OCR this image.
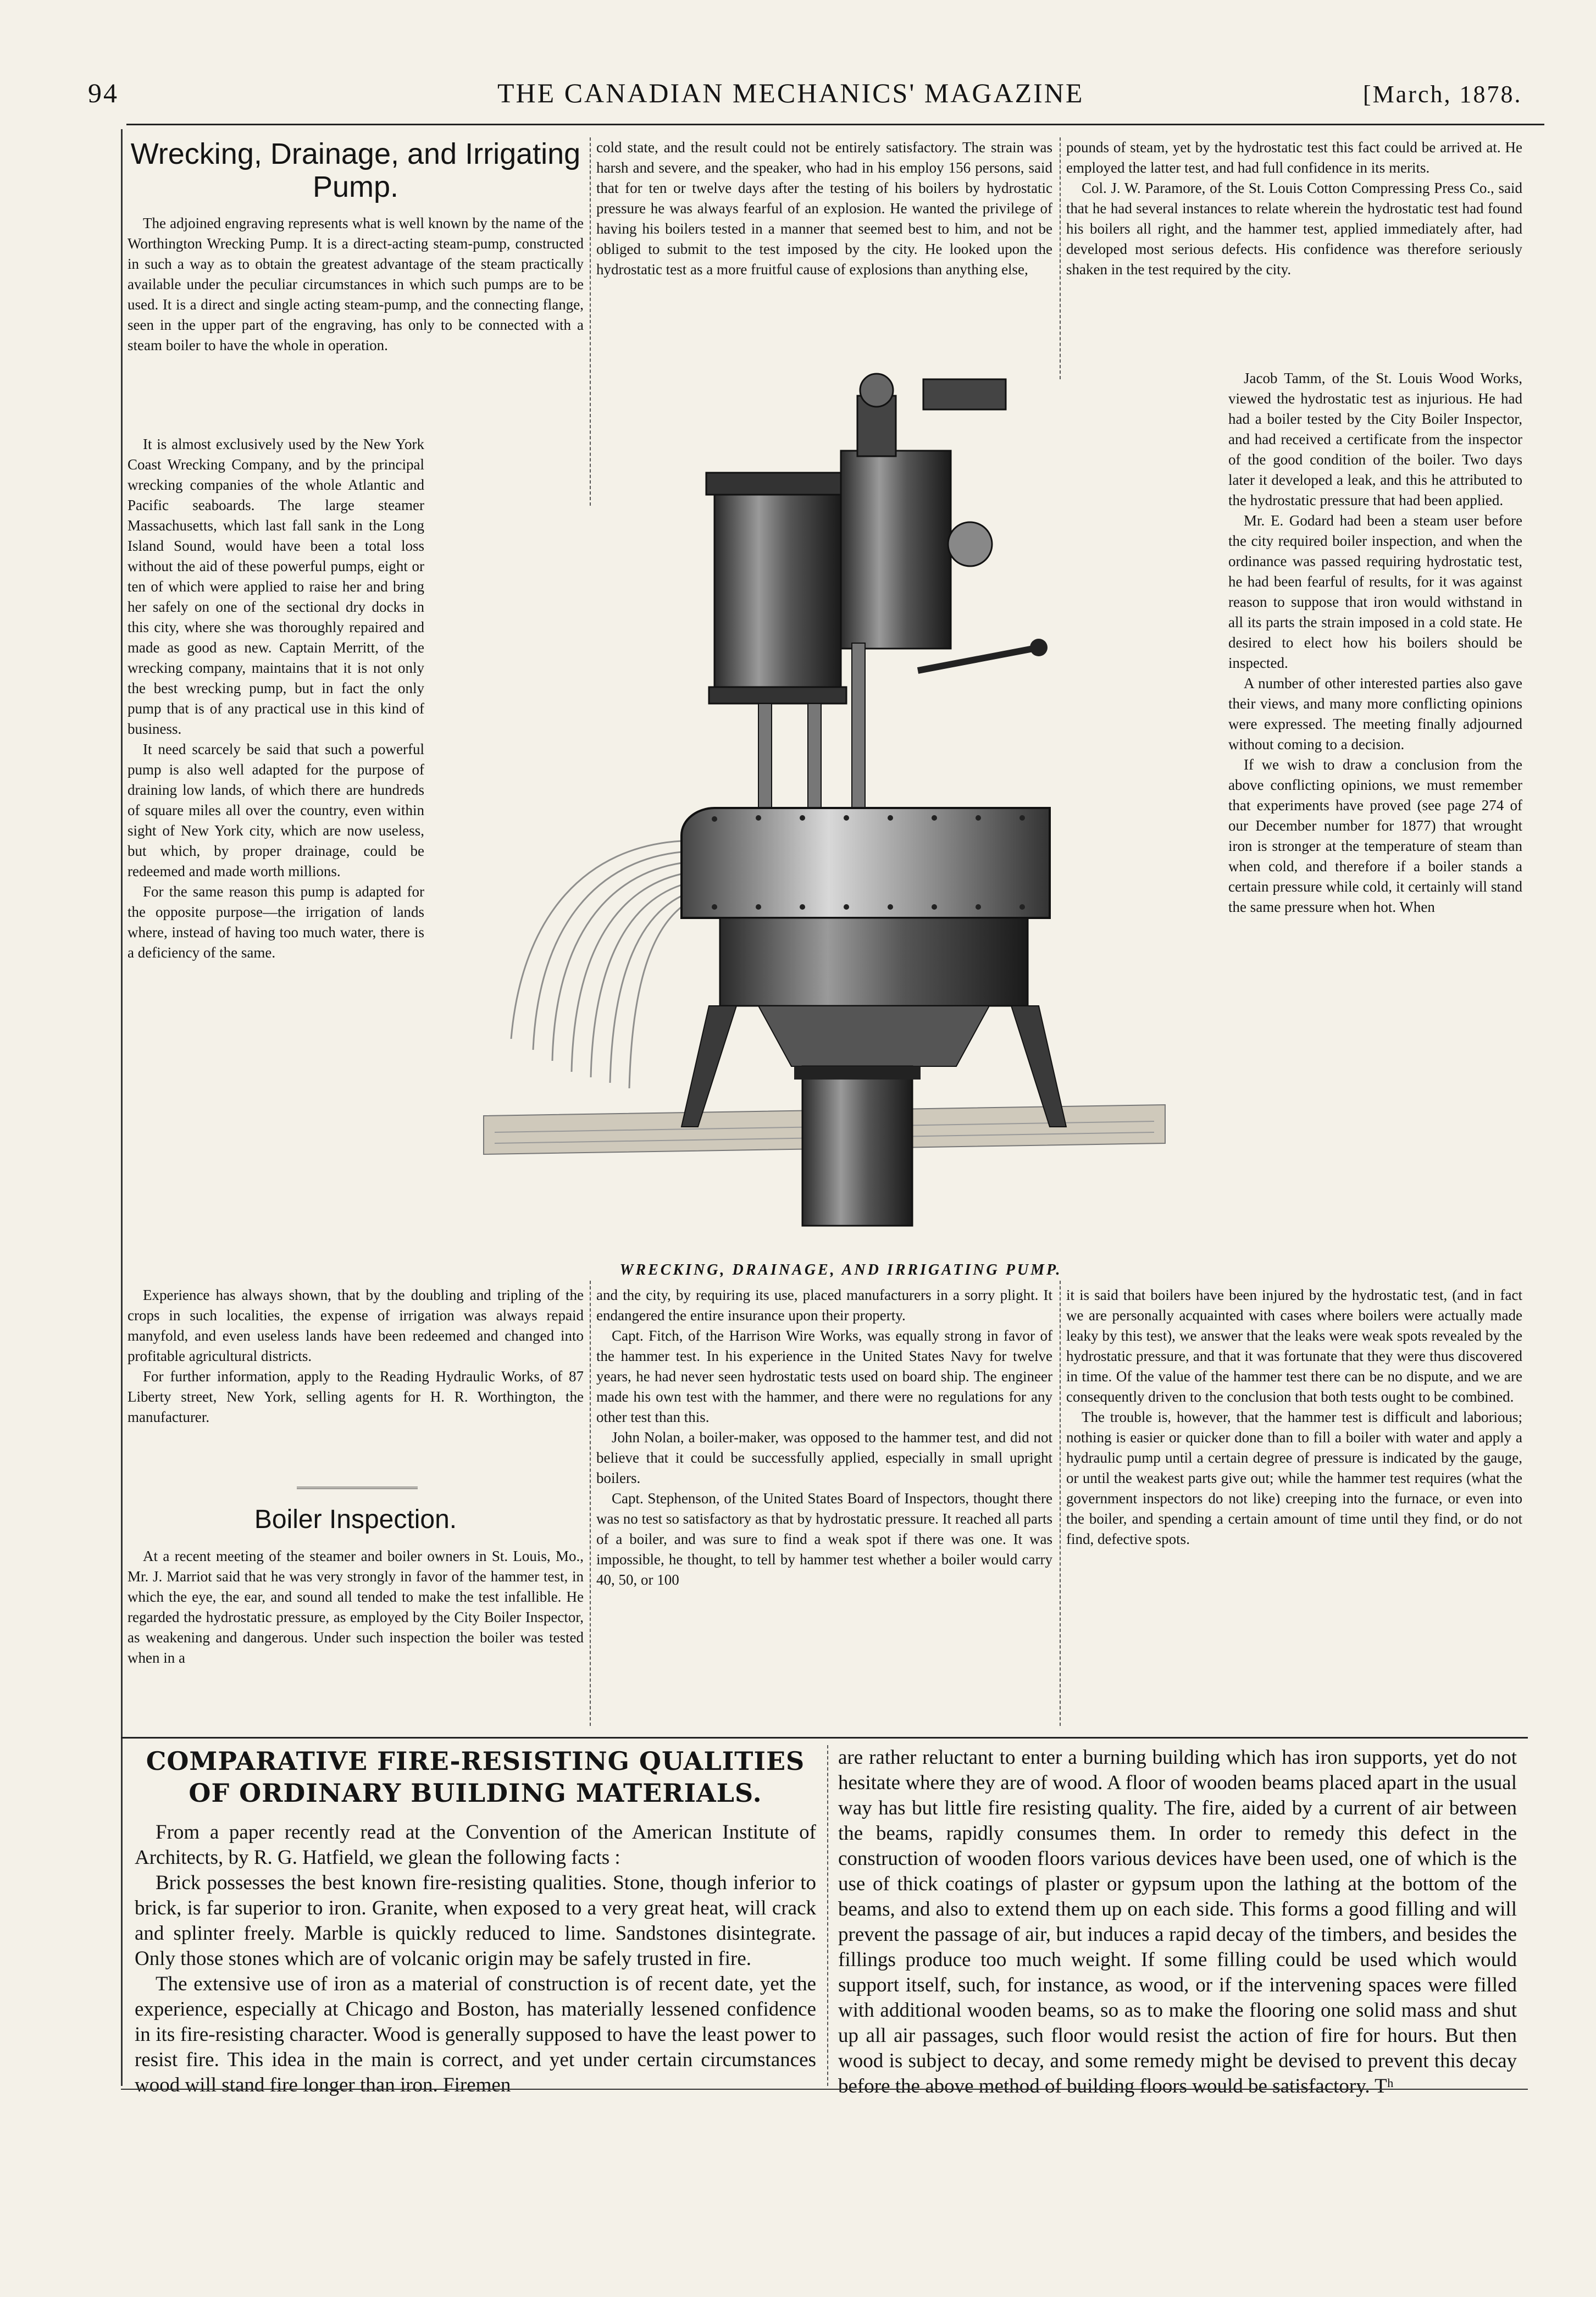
94	THE CANADIAN MECHANICS' MAGAZINE	[March, 1878.
Wrecking, Drainage, and Irrigating Pump.

The adjoined engraving represents what is well known by the name of the Worthington Wrecking Pump. It is a direct-acting steam-pump, constructed in such a way as to obtain the greatest advantage of the steam practically available under the peculiar circumstances in which such pumps are to be used. It is a direct and single acting steam-pump, and the connecting flange, seen in the upper part of the engraving, has only to be connected with a steam boiler to have the whole in operation.

It is almost exclusively used by the New York Coast Wrecking Company, and by the principal wrecking companies of the whole Atlantic and Pacific seaboards. The large steamer Massachusetts, which last fall sank in the Long Island Sound, would have been a total loss without the aid of these powerful pumps, eight or ten of which were applied to raise her and bring her safely on one of the sectional dry docks in this city, where she was thoroughly repaired and made as good as new. Captain Merritt, of the wrecking company, maintains that it is not only the best wrecking pump, but in fact the only pump that is of any practical use in this kind of business.

It need scarcely be said that such a powerful pump is also well adapted for the purpose of draining low lands, of which there are hundreds of square miles all over the country, even within sight of New York city, which are now useless, but which, by proper drainage, could be redeemed and made worth millions.

For the same reason this pump is adapted for the opposite purpose—the irrigation of lands where, instead of having too much water, there is a deficiency of the same.

Experience has always shown, that by the doubling and tripling of the crops in such localities, the expense of irrigation was always repaid manyfold, and even useless lands have been redeemed and changed into profitable agricultural districts.

For further information, apply to the Reading Hydraulic Works, of 87 Liberty street, New York, selling agents for H. R. Worthington, the manufacturer.

Boiler Inspection.

At a recent meeting of the steamer and boiler owners in St. Louis, Mo., Mr. J. Marriot said that he was very strongly in favor of the hammer test, in which the eye, the ear, and sound all tended to make the test infallible. He regarded the hydrostatic pressure, as employed by the City Boiler Inspector, as weakening and dangerous. Under such inspection the boiler was tested when in a

cold state, and the result could not be entirely satisfactory. The strain was harsh and severe, and the speaker, who had in his employ 156 persons, said that for ten or twelve days after the testing of his boilers by hydrostatic pressure he was always fearful of an explosion. He wanted the privilege of having his boilers tested in a manner that seemed best to him, and not be obliged to submit to the test imposed by the city. He looked upon the hydrostatic test as a more fruitful cause of explosions than anything else,

pounds of steam, yet by the hydrostatic test this fact could be arrived at. He employed the latter test, and had full confidence in its merits.

Col. J. W. Paramore, of the St. Louis Cotton Compressing Press Co., said that he had several instances to relate wherein the hydrostatic test had found his boilers all right, and the hammer test, applied immediately after, had developed most serious defects. His confidence was therefore seriously shaken in the test required by the city.

Jacob Tamm, of the St. Louis Wood Works, viewed the hydrostatic test as injurious. He had had a boiler tested by the City Boiler Inspector, and had received a certificate from the inspector of the good condition of the boiler. Two days later it developed a leak, and this he attributed to the hydrostatic pressure that had been applied.

Mr. E. Godard had been a steam user before the city required boiler inspection, and when the ordinance was passed requiring hydrostatic test, he had been fearful of results, for it was against reason to suppose that iron would withstand in all its parts the strain imposed in a cold state. He desired to elect how his boilers should be inspected.

A number of other interested parties also gave their views, and many more conflicting opinions were expressed. The meeting finally adjourned without coming to a decision.

If we wish to draw a conclusion from the above conflicting opinions, we must remember that experiments have proved (see page 274 of our December number for 1877) that wrought iron is stronger at the temperature of steam than when cold, and therefore if a boiler stands a certain pressure while cold, it certainly will stand the same pressure when hot. When

WRECKING, DRAINAGE, AND IRRIGATING PUMP.

and the city, by requiring its use, placed manufacturers in a sorry plight. It endangered the entire insurance upon their property.

Capt. Fitch, of the Harrison Wire Works, was equally strong in favor of the hammer test. In his experience in the United States Navy for twelve years, he had never seen hydrostatic tests used on board ship. The engineer made his own test with the hammer, and there were no regulations for any other test than this.

John Nolan, a boiler-maker, was opposed to the hammer test, and did not believe that it could be successfully applied, especially in small upright boilers.

Capt. Stephenson, of the United States Board of Inspectors, thought there was no test so satisfactory as that by hydrostatic pressure. It reached all parts of a boiler, and was sure to find a weak spot if there was one. It was impossible, he thought, to tell by hammer test whether a boiler would carry 40, 50, or 100

it is said that boilers have been injured by the hydrostatic test, (and in fact we are personally acquainted with cases where boilers were actually made leaky by this test), we answer that the leaks were weak spots revealed by the hydrostatic pressure, and that it was fortunate that they were thus discovered in time. Of the value of the hammer test there can be no dispute, and we are consequently driven to the conclusion that both tests ought to be combined.

The trouble is, however, that the hammer test is difficult and laborious; nothing is easier or quicker done than to fill a boiler with water and apply a hydraulic pump until a certain degree of pressure is indicated by the gauge, or until the weakest parts give out; while the hammer test requires (what the government inspectors do not like) creeping into the furnace, or even into the boiler, and spending a certain amount of time until they find, or do not find, defective spots.

COMPARATIVE FIRE-RESISTING QUALITIES OF ORDINARY BUILDING MATERIALS.

From a paper recently read at the Convention of the American Institute of Architects, by R. G. Hatfield, we glean the following facts :

Brick possesses the best known fire-resisting qualities. Stone, though inferior to brick, is far superior to iron. Granite, when exposed to a very great heat, will crack and splinter freely. Marble is quickly reduced to lime. Sandstones disintegrate. Only those stones which are of volcanic origin may be safely trusted in fire.

The extensive use of iron as a material of construction is of recent date, yet the experience, especially at Chicago and Boston, has materially lessened confidence in its fire-resisting character. Wood is generally supposed to have the least power to resist fire. This idea in the main is correct, and yet under certain circumstances wood will stand fire longer than iron. Firemen

are rather reluctant to enter a burning building which has iron supports, yet do not hesitate where they are of wood. A floor of wooden beams placed apart in the usual way has but little fire resisting quality. The fire, aided by a current of air between the beams, rapidly consumes them. In order to remedy this defect in the construction of wooden floors various devices have been used, one of which is the use of thick coatings of plaster or gypsum upon the lathing at the bottom of the beams, and also to extend them up on each side. This forms a good filling and will prevent the passage of air, but induces a rapid decay of the timbers, and besides the fillings produce too much weight. If some filling could be used which would support itself, such, for instance, as wood, or if the intervening spaces were filled with additional wooden beams, so as to make the flooring one solid mass and shut up all air passages, such floor would resist the action of fire for hours. But then wood is subject to decay, and some remedy might be devised to prevent this decay before the above method of building floors would be satisfactory. Tʰ
